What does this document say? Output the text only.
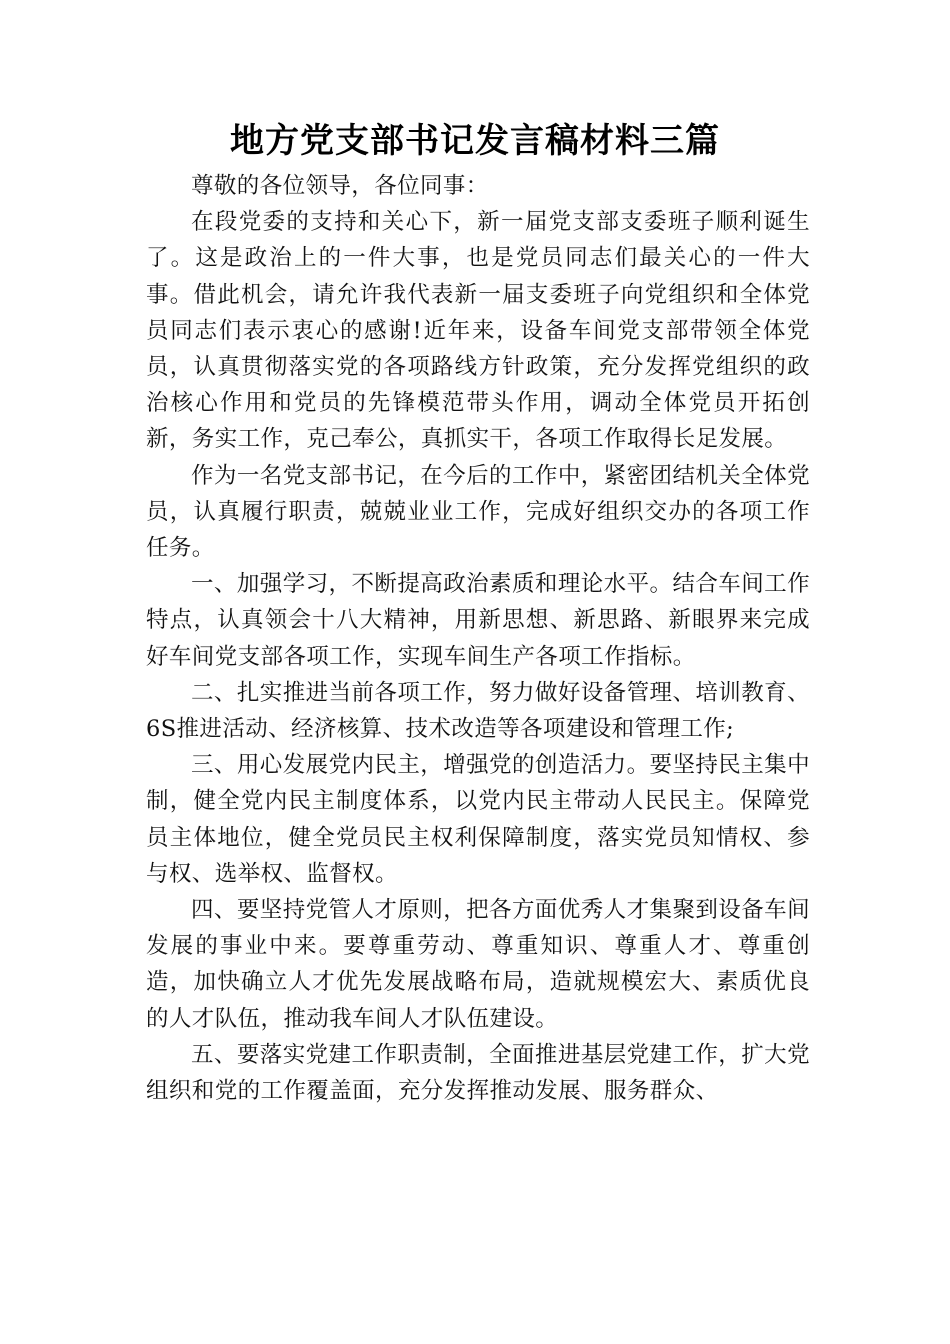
地方党支部书记发言稿材料三篇

尊敬的各位领导，各位同事：

在段党委的支持和关心下，新一届党支部支委班子顺利诞生了。这是政治上的一件大事，也是党员同志们最关心的一件大事。借此机会，请允许我代表新一届支委班子向党组织和全体党员同志们表示衷心的感谢!近年来，设备车间党支部带领全体党员，认真贯彻落实党的各项路线方针政策，充分发挥党组织的政治核心作用和党员的先锋模范带头作用，调动全体党员开拓创新，务实工作，克己奉公，真抓实干，各项工作取得长足发展。

作为一名党支部书记，在今后的工作中，紧密团结机关全体党员，认真履行职责，兢兢业业工作，完成好组织交办的各项工作任务。

一、加强学习，不断提高政治素质和理论水平。结合车间工作特点，认真领会十八大精神，用新思想、新思路、新眼界来完成好车间党支部各项工作，实现车间生产各项工作指标。

二、扎实推进当前各项工作，努力做好设备管理、培训教育、6S推进活动、经济核算、技术改造等各项建设和管理工作;

三、用心发展党内民主，增强党的创造活力。要坚持民主集中制，健全党内民主制度体系，以党内民主带动人民民主。保障党员主体地位，健全党员民主权利保障制度，落实党员知情权、参与权、选举权、监督权。

四、要坚持党管人才原则，把各方面优秀人才集聚到设备车间发展的事业中来。要尊重劳动、尊重知识、尊重人才、尊重创造，加快确立人才优先发展战略布局，造就规模宏大、素质优良的人才队伍，推动我车间人才队伍建设。

五、要落实党建工作职责制，全面推进基层党建工作，扩大党组织和党的工作覆盖面，充分发挥推动发展、服务群众、
